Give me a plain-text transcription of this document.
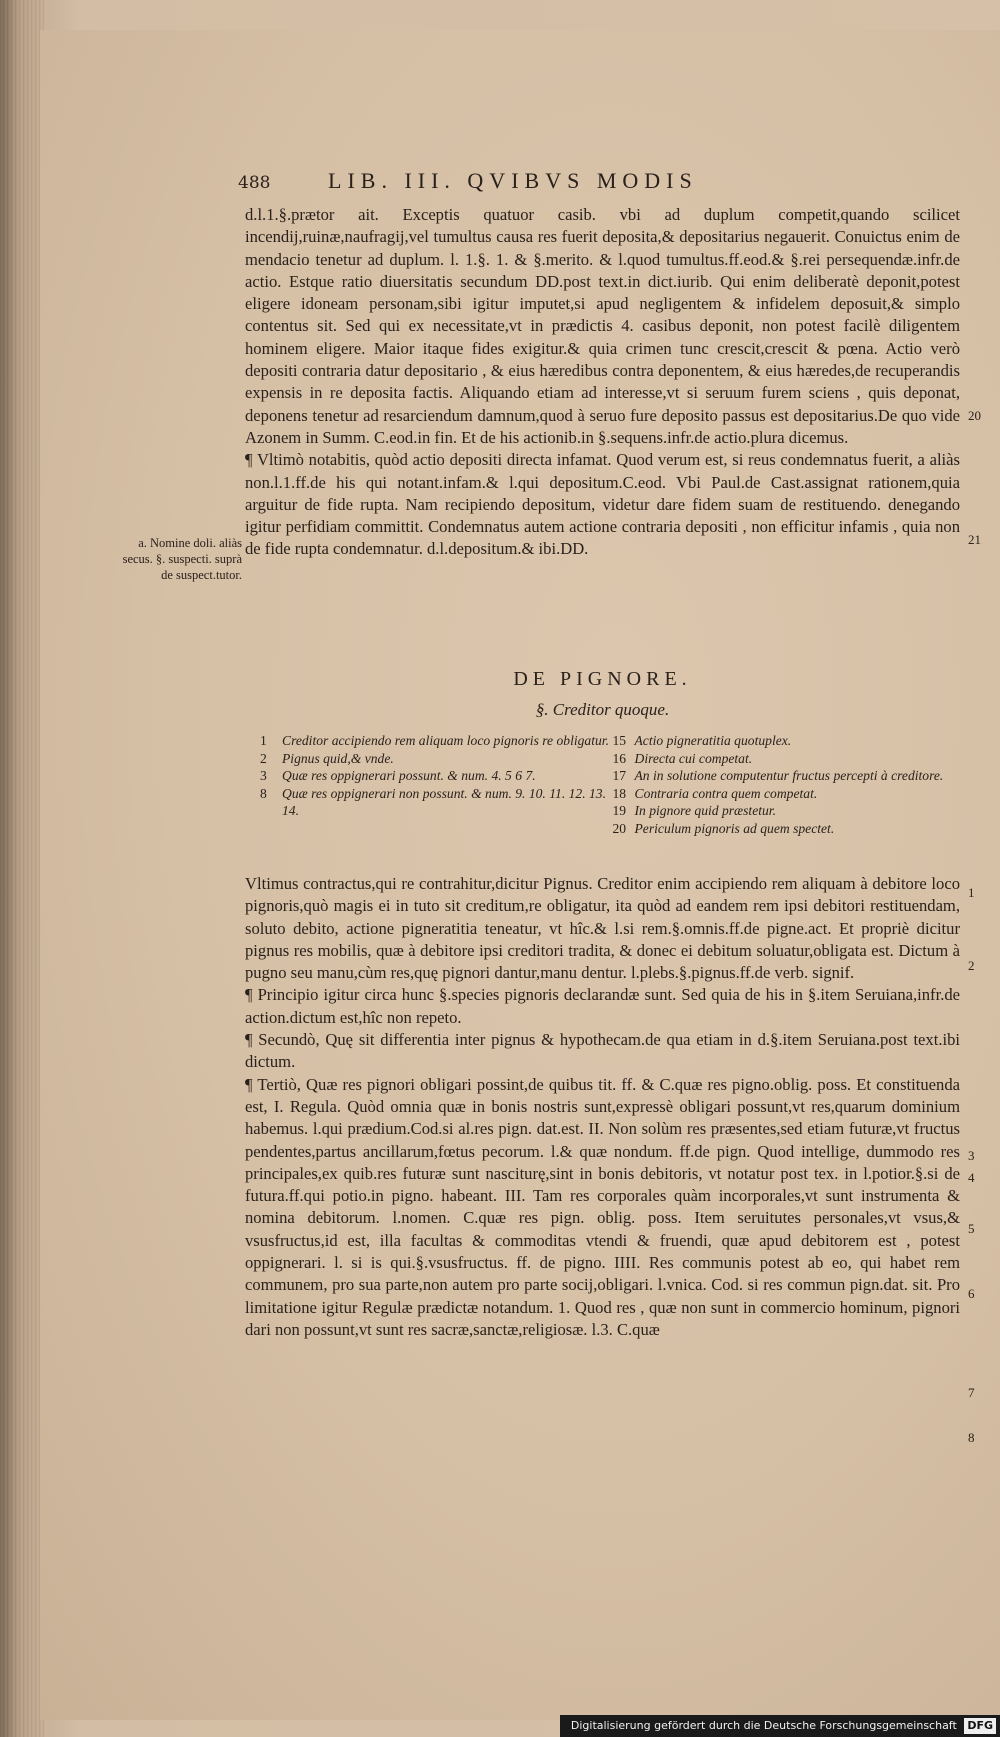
488	LIB. III. QVIBVS MODIS

d.l.1.§.prætor ait. Exceptis quatuor casib. vbi ad duplum competit,quando scilicet incendij,ruinæ,naufragij,vel tumultus causa res fuerit deposita,& depositarius negauerit. Conuictus enim de mendacio tenetur ad duplum. l. 1.§. 1. & §.merito. & l.quod tumultus.ff.eod.& §.rei persequendæ.infr.de actio. Estque ratio diuersitatis secundum DD.post text.in dict.iurib. Qui enim deliberatè deponit,potest eligere idoneam personam,sibi igitur imputet,si apud negligentem & infidelem deposuit,& simplo contentus sit. Sed qui ex necessitate,vt in prædictis 4. casibus deponit, non potest facilè diligentem hominem eligere. Maior itaque fides exigitur.& quia crimen tunc crescit,crescit & pœna. Actio verò depositi contraria datur depositario , & eius hæredibus contra deponentem, & eius hæredes,de recuperandis expensis in re deposita factis. Aliquando etiam ad interesse,vt si seruum furem sciens , quis deponat, deponens tenetur ad resarciendum damnum,quod à seruo fure deposito passus est depositarius.De quo vide Azonem in Summ. C.eod.in fin. Et de his actionib.in §.sequens.infr.de actio.plura dicemus.

¶ Vltimò notabitis, quòd actio depositi directa infamat. Quod verum est, si reus condemnatus fuerit, a aliàs non.l.1.ff.de his qui notant.infam.& l.qui depositum.C.eod. Vbi Paul.de Cast.assignat rationem,quia arguitur de fide rupta. Nam recipiendo depositum, videtur dare fidem suam de restituendo. denegando igitur perfidiam committit. Condemnatus autem actione contraria depositi , non efficitur infamis , quia non de fide rupta condemnatur. d.l.depositum.& ibi.DD.

a. Nomine doli. aliàs secus. §. suspecti. suprà de suspect.tutor.
20
21
DE PIGNORE.
§. Creditor quoque.
1	Creditor accipiendo rem aliquam loco pignoris re obligatur.
2	Pignus quid,& vnde.
3	Quæ res oppignerari possunt. & num. 4. 5 6 7.
8	Quæ res oppignerari non possunt. & num. 9. 10. 11. 12. 13. 14.
15 Actio pigneratitia quotuplex.
16 Directa cui competat.
17 An in solutione computentur fructus percepti à creditore.
18 Contraria contra quem competat.
19 In pignore quid præstetur.
20 Periculum pignoris ad quem spectet.

Vltimus contractus,qui re contrahitur,dicitur Pignus. Creditor enim accipiendo rem aliquam à debitore loco pignoris,quò magis ei in tuto sit creditum,re obligatur, ita quòd ad eandem rem ipsi debitori restituendam, soluto debito, actione pigneratitia teneatur, vt hîc.& l.si rem.§.omnis.ff.de pigne.act. Et propriè dicitur pignus res mobilis, quæ à debitore ipsi creditori tradita, & donec ei debitum soluatur,obligata est. Dictum à pugno seu manu,cùm res,quę pignori dantur,manu dentur. l.plebs.§.pignus.ff.de verb. signif.

¶ Principio igitur circa hunc §.species pignoris declarandæ sunt. Sed quia de his in §.item Seruiana,infr.de action.dictum est,hîc non repeto.

¶ Secundò, Quę sit differentia inter pignus & hypothecam.de qua etiam in d.§.item Seruiana.post text.ibi dictum.

¶ Tertiò, Quæ res pignori obligari possint,de quibus tit. ff. & C.quæ res pigno.oblig. poss. Et constituenda est, I. Regula. Quòd omnia quæ in bonis nostris sunt,expressè obligari possunt,vt res,quarum dominium habemus. l.qui prædium.Cod.si al.res pign. dat.est. II. Non solùm res præsentes,sed etiam futuræ,vt fructus pendentes,partus ancillarum,fœtus pecorum. l.& quæ nondum. ff.de pign. Quod intellige, dummodo res principales,ex quib.res futuræ sunt nasciturę,sint in bonis debitoris, vt notatur post tex. in l.potior.§.si de futura.ff.qui potio.in pigno. habeant. III. Tam res corporales quàm incorporales,vt sunt instrumenta & nomina debitorum. l.nomen. C.quæ res pign. oblig. poss. Item seruitutes personales,vt vsus,& vsusfructus,id est, illa facultas & commoditas vtendi & fruendi, quæ apud debitorem est , potest oppignerari. l. si is qui.§.vsusfructus. ff. de pigno. IIII. Res communis potest ab eo, qui habet rem communem, pro sua parte,non autem pro parte socij,obligari. l.vnica. Cod. si res commun pign.dat. sit. Pro limitatione igitur Regulæ prædictæ notandum. 1. Quod res , quæ non sunt in commercio hominum, pignori dari non possunt,vt sunt res sacræ,sanctæ,religiosæ. l.3. C.quæ

1
2
3
4
5
6
7
8
Digitalisierung gefördert durch die Deutsche Forschungsgemeinschaft DFG
